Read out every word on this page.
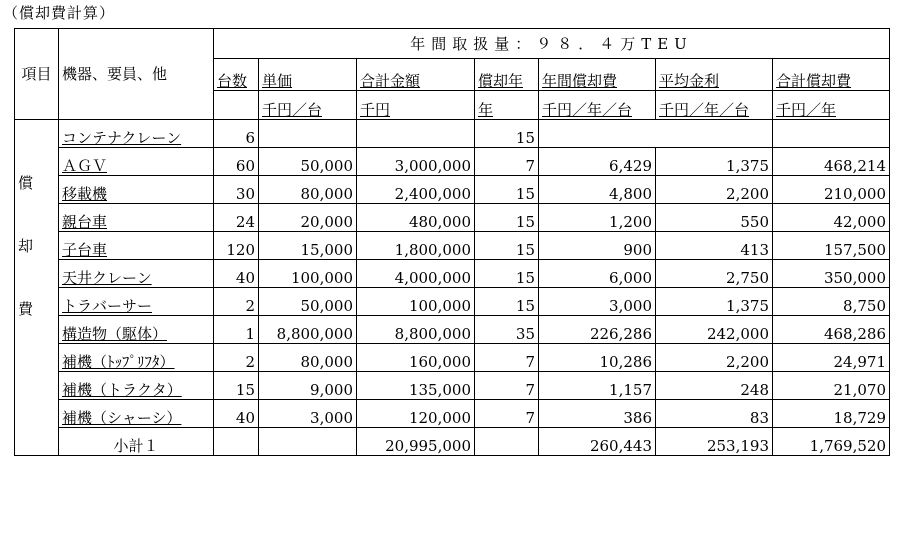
（償却費計算）
項目	機器、要員、他	年間取扱量：９８．４万TEU						
		台数	単価	合計金額	償却年	年間償却費	平均金利	合計償却費
			千円／台	千円	年	千円／年／台	千円／年／台	千円／年

償
却
費	コンテナクレーン	6			15			
	ＡＧＶ	60	50,000	3,000,000	7	6,429	1,375	468,214
	移載機	30	80,000	2,400,000	15	4,800	2,200	210,000
	親台車	24	20,000	480,000	15	1,200	550	42,000
	子台車	120	15,000	1,800,000	15	900	413	157,500
	天井クレーン	40	100,000	4,000,000	15	6,000	2,750	350,000
	トラバーサー	2	50,000	100,000	15	3,000	1,375	8,750
	構造物（駆体）	1	8,800,000	8,800,000	35	226,286	242,000	468,286
	補機（ﾄｯﾌﾟﾘﾌﾀ）	2	80,000	160,000	7	10,286	2,200	24,971
	補機（トラクタ）	15	9,000	135,000	7	1,157	248	21,070
	補機（シャーシ）	40	3,000	120,000	7	386	83	18,729
	小計１			20,995,000		260,443	253,193	1,769,520
